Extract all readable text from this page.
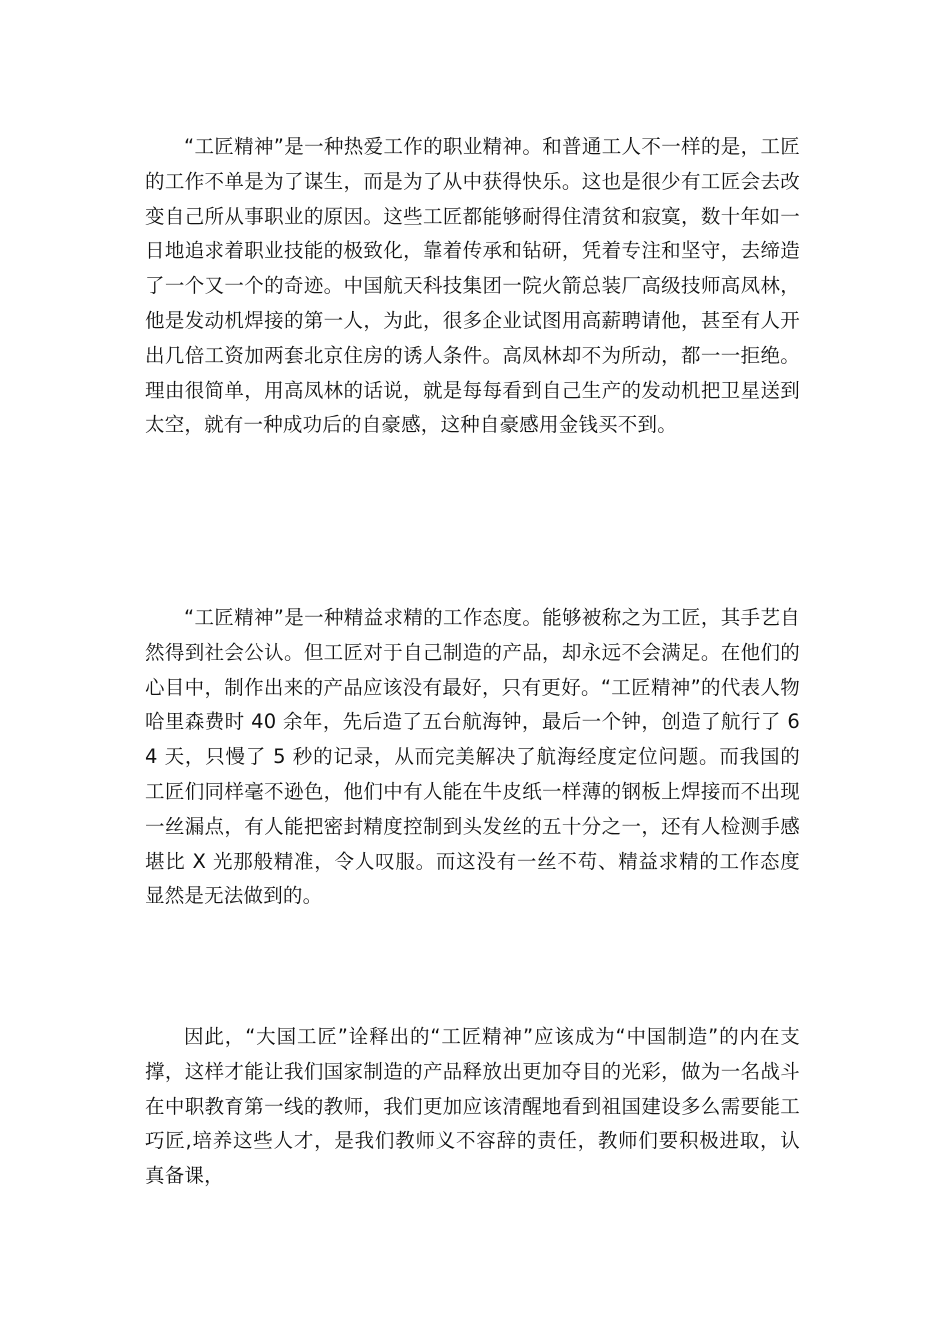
“工匠精神”是一种热爱工作的职业精神。和普通工人不一样的是，工匠的工作不单是为了谋生，而是为了从中获得快乐。这也是很少有工匠会去改变自己所从事职业的原因。这些工匠都能够耐得住清贫和寂寞，数十年如一日地追求着职业技能的极致化，靠着传承和钻研，凭着专注和坚守，去缔造了一个又一个的奇迹。中国航天科技集团一院火箭总装厂高级技师高凤林，他是发动机焊接的第一人，为此，很多企业试图用高薪聘请他，甚至有人开出几倍工资加两套北京住房的诱人条件。高凤林却不为所动，都一一拒绝。理由很简单，用高凤林的话说，就是每每看到自己生产的发动机把卫星送到太空，就有一种成功后的自豪感，这种自豪感用金钱买不到。

“工匠精神”是一种精益求精的工作态度。能够被称之为工匠，其手艺自然得到社会公认。但工匠对于自己制造的产品，却永远不会满足。在他们的心目中，制作出来的产品应该没有最好，只有更好。“工匠精神”的代表人物哈里森费时 40 余年，先后造了五台航海钟，最后一个钟，创造了航行了 64 天，只慢了 5 秒的记录，从而完美解决了航海经度定位问题。而我国的工匠们同样毫不逊色，他们中有人能在牛皮纸一样薄的钢板上焊接而不出现一丝漏点，有人能把密封精度控制到头发丝的五十分之一，还有人检测手感堪比 X 光那般精准，令人叹服。而这没有一丝不苟、精益求精的工作态度显然是无法做到的。

因此，“大国工匠”诠释出的“工匠精神”应该成为“中国制造”的内在支撑，这样才能让我们国家制造的产品释放出更加夺目的光彩，做为一名战斗在中职教育第一线的教师，我们更加应该清醒地看到祖国建设多么需要能工巧匠,培养这些人才，是我们教师义不容辞的责任，教师们要积极进取，认真备课，
